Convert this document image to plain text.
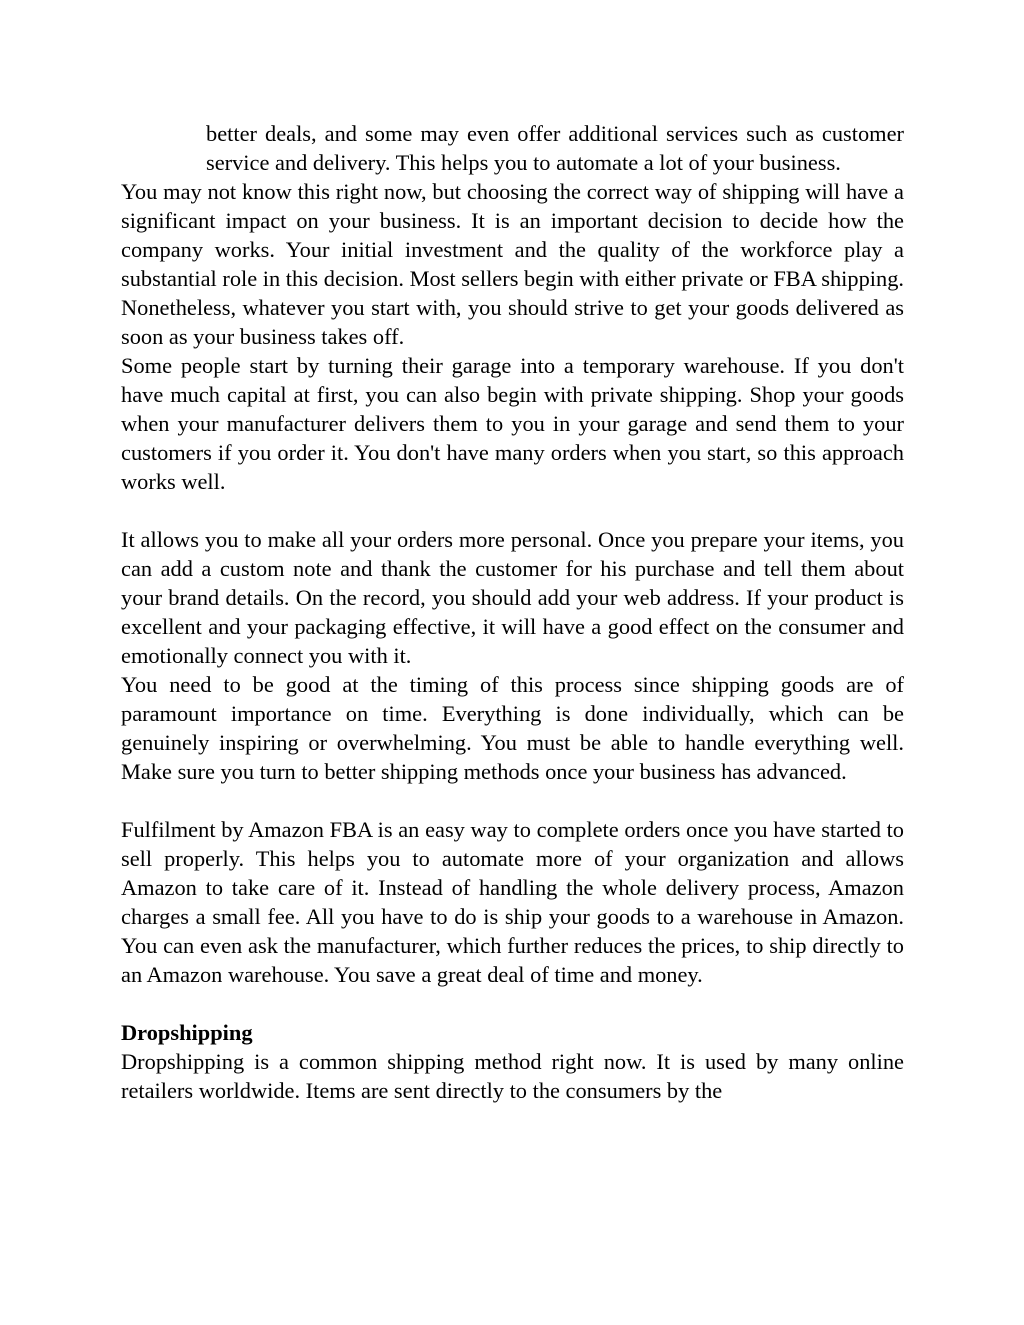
better deals, and some may even offer additional services such as customer service and delivery. This helps you to automate a lot of your business.

You may not know this right now, but choosing the correct way of shipping will have a significant impact on your business. It is an important decision to decide how the company works. Your initial investment and the quality of the workforce play a substantial role in this decision. Most sellers begin with either private or FBA shipping. Nonetheless, whatever you start with, you should strive to get your goods delivered as soon as your business takes off.

Some people start by turning their garage into a temporary warehouse. If you don't have much capital at first, you can also begin with private shipping. Shop your goods when your manufacturer delivers them to you in your garage and send them to your customers if you order it. You don't have many orders when you start, so this approach works well.

It allows you to make all your orders more personal. Once you prepare your items, you can add a custom note and thank the customer for his purchase and tell them about your brand details. On the record, you should add your web address. If your product is excellent and your packaging effective, it will have a good effect on the consumer and emotionally connect you with it.

You need to be good at the timing of this process since shipping goods are of paramount importance on time. Everything is done individually, which can be genuinely inspiring or overwhelming. You must be able to handle everything well. Make sure you turn to better shipping methods once your business has advanced.

Fulfilment by Amazon FBA is an easy way to complete orders once you have started to sell properly. This helps you to automate more of your organization and allows Amazon to take care of it. Instead of handling the whole delivery process, Amazon charges a small fee. All you have to do is ship your goods to a warehouse in Amazon. You can even ask the manufacturer, which further reduces the prices, to ship directly to an Amazon warehouse. You save a great deal of time and money.

Dropshipping

Dropshipping is a common shipping method right now. It is used by many online retailers worldwide. Items are sent directly to the consumers by the
